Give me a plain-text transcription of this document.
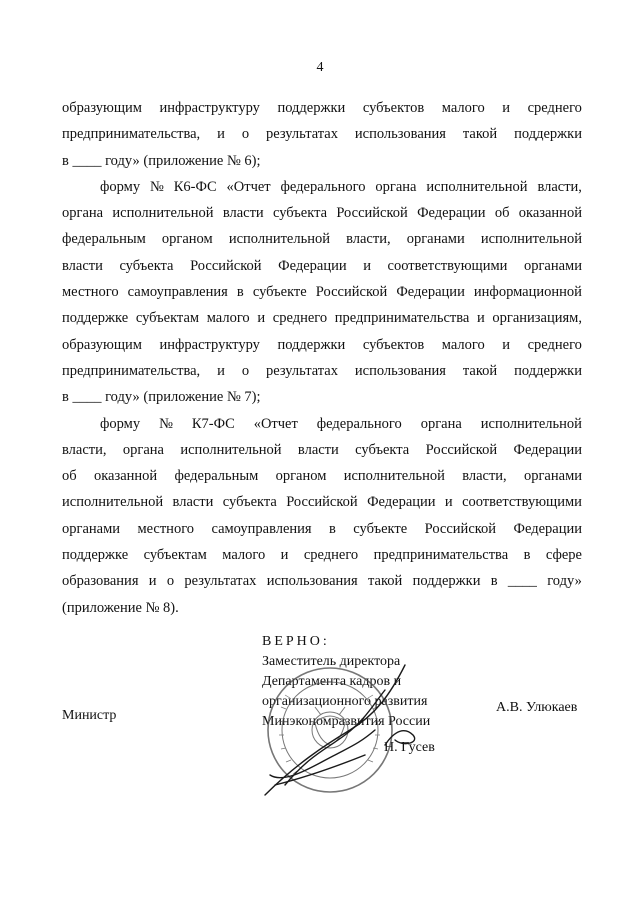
4
образующим инфраструктуру поддержки субъектов малого и среднего
предпринимательства, и о результатах использования такой поддержки
в ____ году» (приложение № 6);
форму № К6-ФС «Отчет федерального органа исполнительной власти,
органа исполнительной власти субъекта Российской Федерации об оказанной
федеральным органом исполнительной власти, органами исполнительной
власти субъекта Российской Федерации и соответствующими органами
местного самоуправления в субъекте Российской Федерации информационной
поддержке субъектам малого и среднего предпринимательства и организациям,
образующим инфраструктуру поддержки субъектов малого и среднего
предпринимательства, и о результатах использования такой поддержки
в ____ году» (приложение № 7);
форму № К7-ФС «Отчет федерального органа исполнительной
власти, органа исполнительной власти субъекта Российской Федерации
об оказанной федеральным органом исполнительной власти, органами
исполнительной власти субъекта Российской Федерации и соответствующими
органами местного самоуправления в субъекте Российской Федерации
поддержке субъектам малого и среднего предпринимательства в сфере
образования и о результатах использования такой поддержки в ____ году»
(приложение № 8).
ВЕРНО:
Заместитель директора
Департамента кадров и
организационного развития
Минэкономразвития России
Н. Гусев
Министр
А.В. Улюкаев
